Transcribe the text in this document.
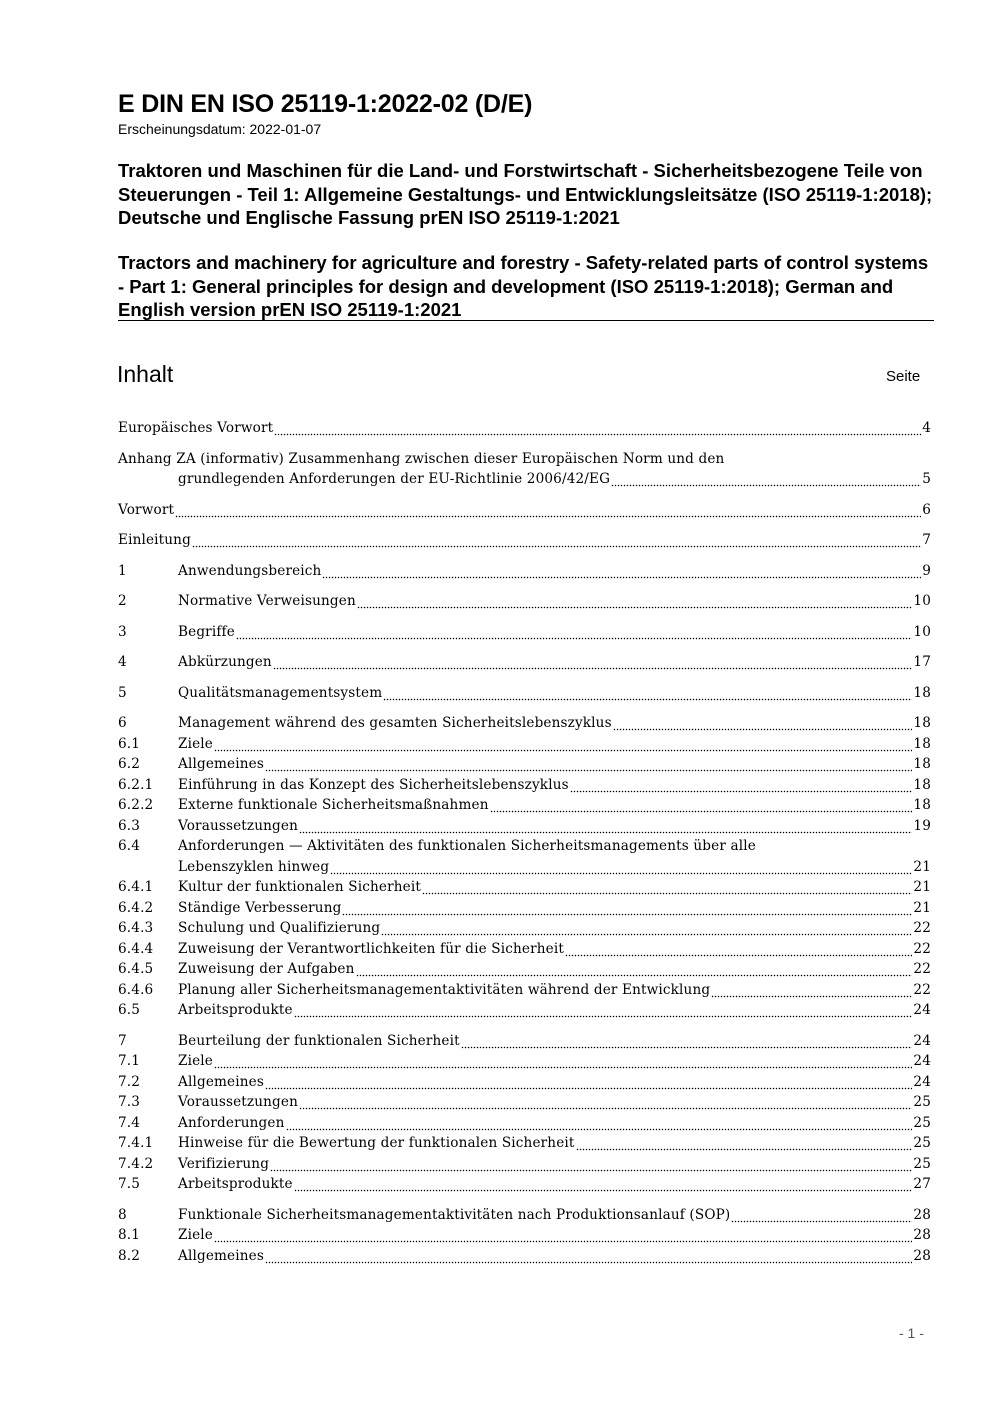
E DIN EN ISO 25119-1:2022-02 (D/E)
Erscheinungsdatum: 2022-01-07
Traktoren und Maschinen für die Land- und Forstwirtschaft - Sicherheitsbezogene Teile von Steuerungen - Teil 1: Allgemeine Gestaltungs- und Entwicklungsleitsätze (ISO 25119-1:2018); Deutsche und Englische Fassung prEN ISO 25119-1:2021
Tractors and machinery for agriculture and forestry - Safety-related parts of control systems - Part 1: General principles for design and development (ISO 25119-1:2018); German and English version prEN ISO 25119-1:2021
Inhalt	Seite
Europäisches Vorwort	4
Anhang ZA (informativ) Zusammenhang zwischen dieser Europäischen Norm und den
grundlegenden Anforderungen der EU-Richtlinie 2006/42/EG	5
Vorwort	6
Einleitung	7
1	Anwendungsbereich	9
2	Normative Verweisungen	10
3	Begriffe	10
4	Abkürzungen	17
5	Qualitätsmanagementsystem	18
6	Management während des gesamten Sicherheitslebenszyklus	18
6.1	Ziele	18
6.2	Allgemeines	18
6.2.1	Einführung in das Konzept des Sicherheitslebenszyklus	18
6.2.2	Externe funktionale Sicherheitsmaßnahmen	18
6.3	Voraussetzungen	19
6.4	Anforderungen — Aktivitäten des funktionalen Sicherheitsmanagements über alle
Lebenszyklen hinweg	21
6.4.1	Kultur der funktionalen Sicherheit	21
6.4.2	Ständige Verbesserung	21
6.4.3	Schulung und Qualifizierung	22
6.4.4	Zuweisung der Verantwortlichkeiten für die Sicherheit	22
6.4.5	Zuweisung der Aufgaben	22
6.4.6	Planung aller Sicherheitsmanagementaktivitäten während der Entwicklung	22
6.5	Arbeitsprodukte	24
7	Beurteilung der funktionalen Sicherheit	24
7.1	Ziele	24
7.2	Allgemeines	24
7.3	Voraussetzungen	25
7.4	Anforderungen	25
7.4.1	Hinweise für die Bewertung der funktionalen Sicherheit	25
7.4.2	Verifizierung	25
7.5	Arbeitsprodukte	27
8	Funktionale Sicherheitsmanagementaktivitäten nach Produktionsanlauf (SOP)	28
8.1	Ziele	28
8.2	Allgemeines	28
- 1 -
